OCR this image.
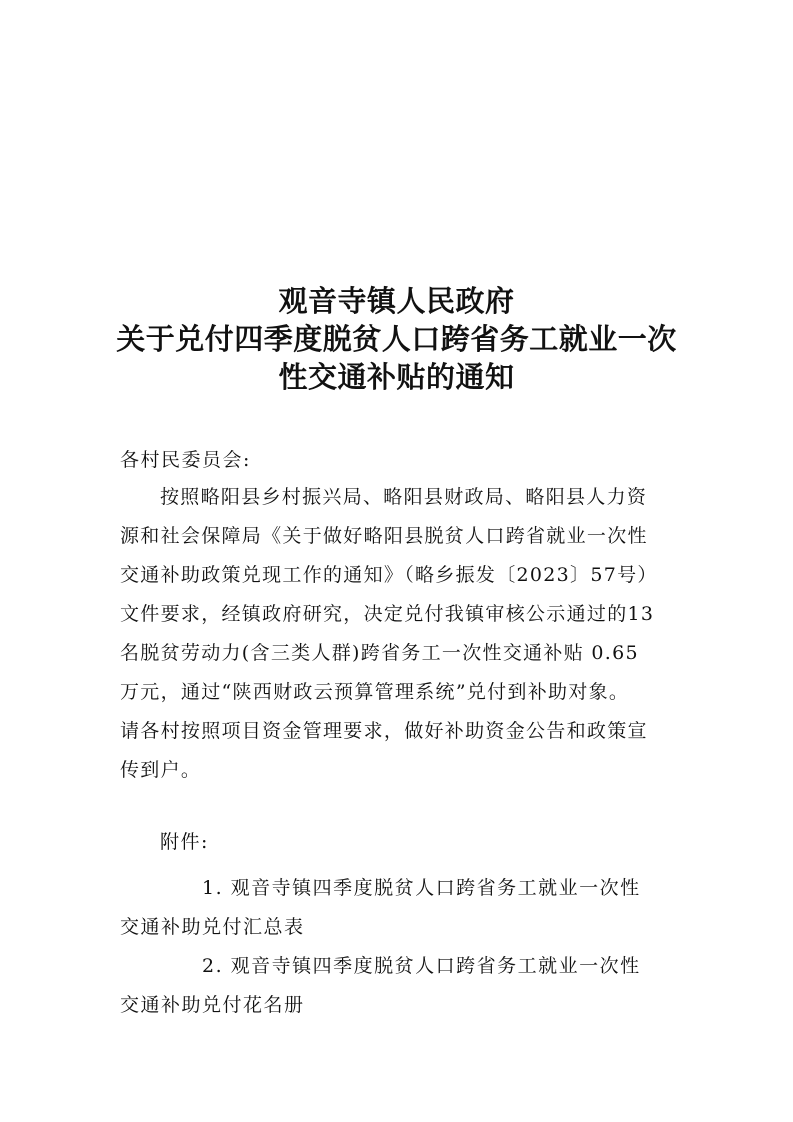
观音寺镇人民政府
关于兑付四季度脱贫人口跨省务工就业一次
性交通补贴的通知
各村民委员会:
按照略阳县乡村振兴局、略阳县财政局、略阳县人力资
源和社会保障局《关于做好略阳县脱贫人口跨省就业一次性
交通补助政策兑现工作的通知》（略乡振发〔2023〕57号）
文件要求，经镇政府研究，决定兑付我镇审核公示通过的13
名脱贫劳动力(含三类人群)跨省务工一次性交通补贴 0.65
万元，通过“陕西财政云预算管理系统”兑付到补助对象。
请各村按照项目资金管理要求，做好补助资金公告和政策宣
传到户。
附件:
1. 观音寺镇四季度脱贫人口跨省务工就业一次性
交通补助兑付汇总表
2. 观音寺镇四季度脱贫人口跨省务工就业一次性
交通补助兑付花名册
